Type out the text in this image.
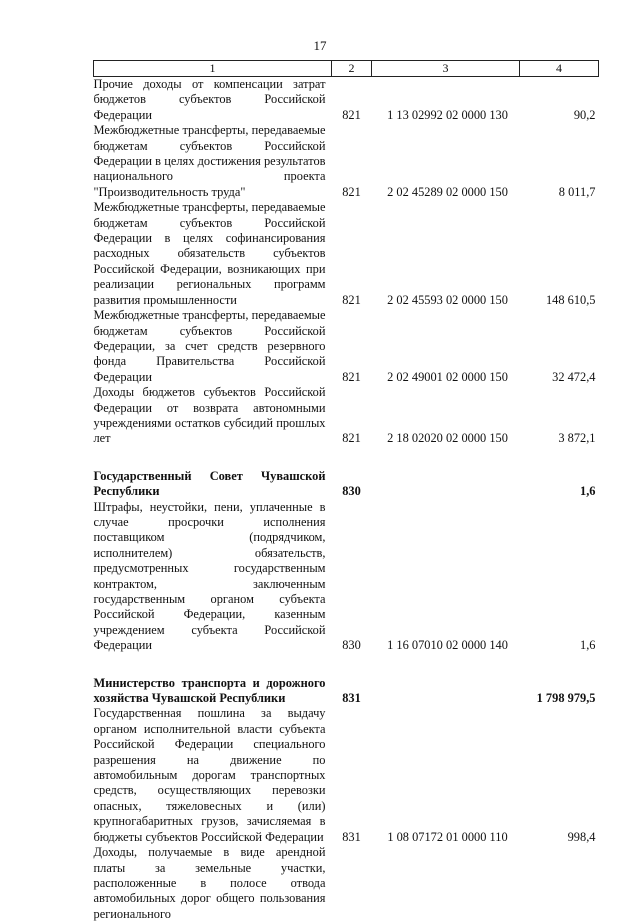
17
1	2	3	4
Прочие доходы от компенсации затрат бюджетов субъектов Российской Федерации	821	1 13 02992 02 0000 130	90,2
Межбюджетные трансферты, передаваемые бюджетам субъектов Российской Федерации в целях достижения результатов национального проекта "Производительность труда"	821	2 02 45289 02 0000 150	8 011,7
Межбюджетные трансферты, передаваемые бюджетам субъектов Российской Федерации в целях софинансирования расходных обязательств субъектов Российской Федерации, возникающих при реализации региональных программ развития промышленности	821	2 02 45593 02 0000 150	148 610,5
Межбюджетные трансферты, передаваемые бюджетам субъектов Российской Федерации, за счет средств резервного фонда Правительства Российской Федерации	821	2 02 49001 02 0000 150	32 472,4
Доходы бюджетов субъектов Российской Федерации от возврата автономными учреждениями остатков субсидий прошлых лет	821	2 18 02020 02 0000 150	3 872,1

Государственный Совет Чувашской Республики	830		1,6
Штрафы, неустойки, пени, уплаченные в случае просрочки исполнения поставщиком (подрядчиком, исполнителем) обязательств, предусмотренных государственным контрактом, заключенным государственным органом субъекта Российской Федерации, казенным учреждением субъекта Российской Федерации	830	1 16 07010 02 0000 140	1,6

Министерство транспорта и дорожного хозяйства Чувашской Республики	831		1 798 979,5
Государственная пошлина за выдачу органом исполнительной власти субъекта Российской Федерации специального разрешения на движение по автомобильным дорогам транспортных средств, осуществляющих перевозки опасных, тяжеловесных и (или) крупногабаритных грузов, зачисляемая в бюджеты субъектов Российской Федерации	831	1 08 07172 01 0000 110	998,4
Доходы, получаемые в виде арендной платы за земельные участки, расположенные в полосе отвода автомобильных дорог общего пользования регионального			
